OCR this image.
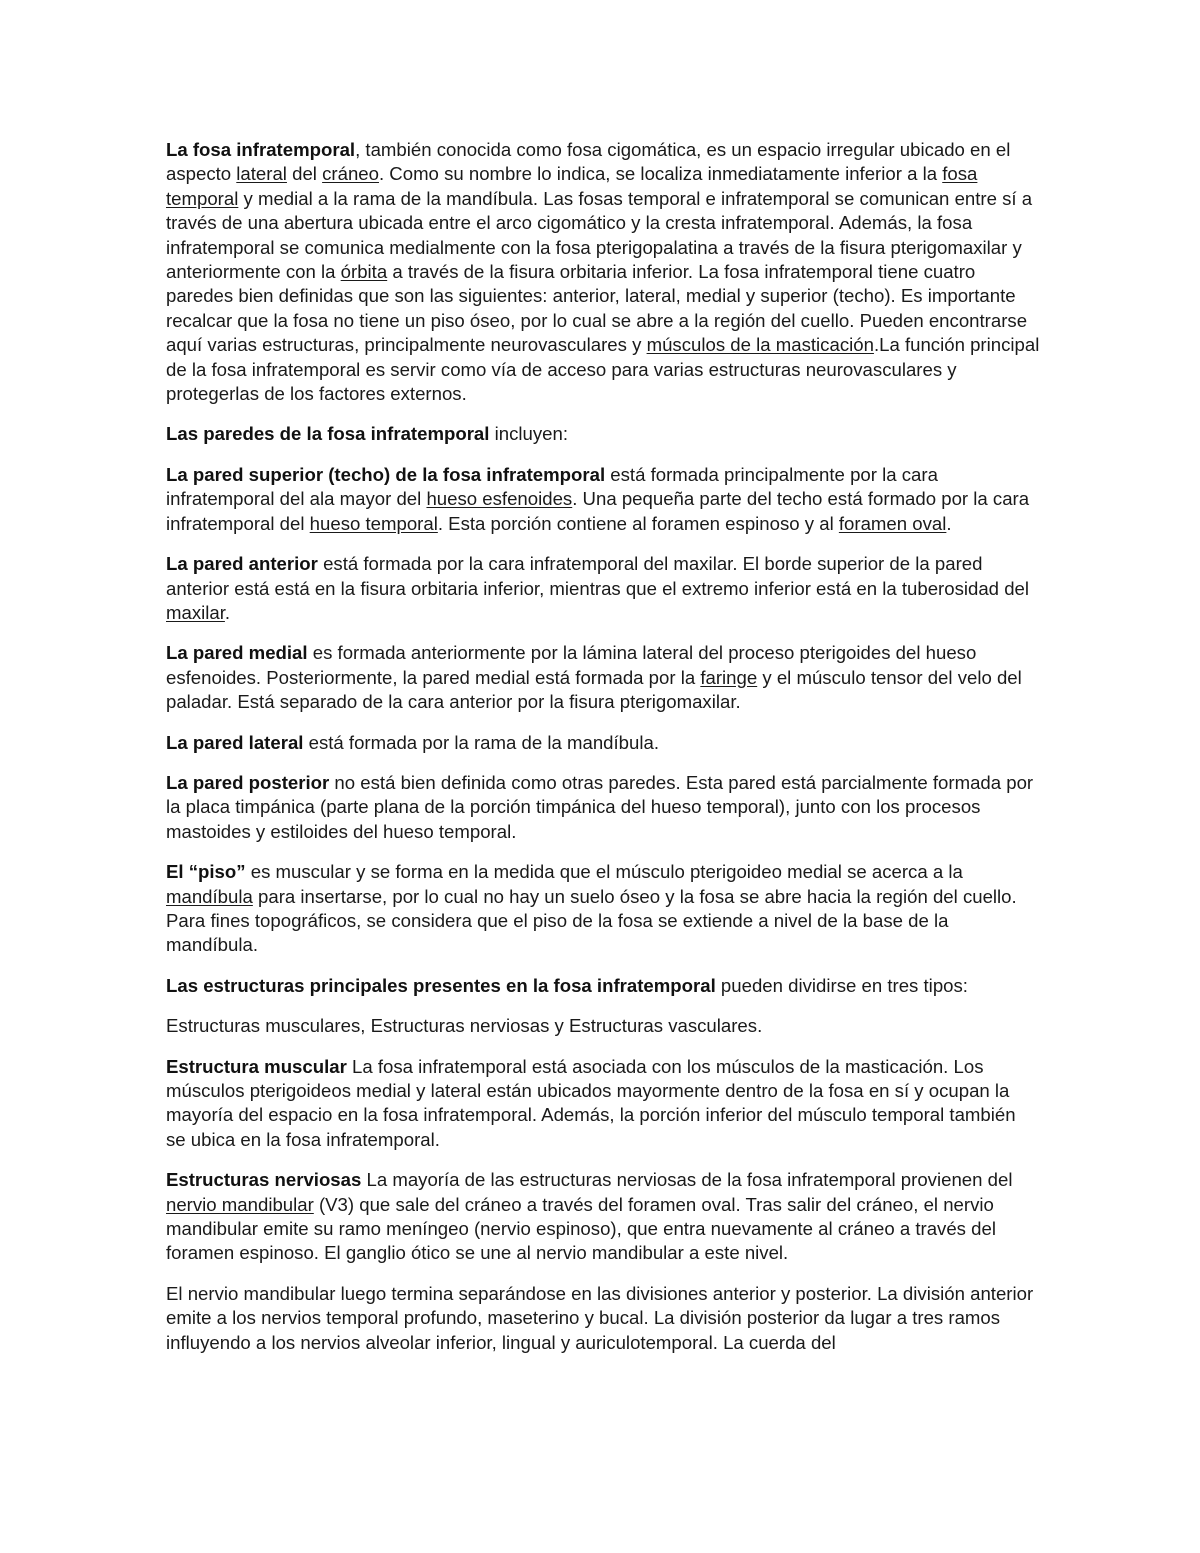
La fosa infratemporal, también conocida como fosa cigomática, es un espacio irregular ubicado en el aspecto lateral del cráneo. Como su nombre lo indica, se localiza inmediatamente inferior a la fosa temporal y medial a la rama de la mandíbula. Las fosas temporal e infratemporal se comunican entre sí a través de una abertura ubicada entre el arco cigomático y la cresta infratemporal. Además, la fosa infratemporal se comunica medialmente con la fosa pterigopalatina a través de la fisura pterigomaxilar y anteriormente con la órbita a través de la fisura orbitaria inferior. La fosa infratemporal tiene cuatro paredes bien definidas que son las siguientes: anterior, lateral, medial y superior (techo). Es importante recalcar que la fosa no tiene un piso óseo, por lo cual se abre a la región del cuello. Pueden encontrarse aquí varias estructuras, principalmente neurovasculares y músculos de la masticación.La función principal de la fosa infratemporal es servir como vía de acceso para varias estructuras neurovasculares y protegerlas de los factores externos.

Las paredes de la fosa infratemporal incluyen:

La pared superior (techo) de la fosa infratemporal está formada principalmente por la cara infratemporal del ala mayor del hueso esfenoides. Una pequeña parte del techo está formado por la cara infratemporal del hueso temporal. Esta porción contiene al foramen espinoso y al foramen oval.

La pared anterior está formada por la cara infratemporal del maxilar. El borde superior de la pared anterior está está en la fisura orbitaria inferior, mientras que el extremo inferior está en la tuberosidad del maxilar.

La pared medial es formada anteriormente por la lámina lateral del proceso pterigoides del hueso esfenoides. Posteriormente, la pared medial está formada por la faringe y el músculo tensor del velo del paladar. Está separado de la cara anterior por la fisura pterigomaxilar.

La pared lateral está formada por la rama de la mandíbula.

La pared posterior no está bien definida como otras paredes. Esta pared está parcialmente formada por la placa timpánica (parte plana de la porción timpánica del hueso temporal), junto con los procesos mastoides y estiloides del hueso temporal.

El “piso” es muscular y se forma en la medida que el músculo pterigoideo medial se acerca a la mandíbula para insertarse, por lo cual no hay un suelo óseo y la fosa se abre hacia la región del cuello. Para fines topográficos, se considera que el piso de la fosa se extiende a nivel de la base de la mandíbula.

Las estructuras principales presentes en la fosa infratemporal pueden dividirse en tres tipos:

Estructuras musculares, Estructuras nerviosas y Estructuras vasculares.

Estructura muscular La fosa infratemporal está asociada con los músculos de la masticación. Los músculos pterigoideos medial y lateral están ubicados mayormente dentro de la fosa en sí y ocupan la mayoría del espacio en la fosa infratemporal. Además, la porción inferior del músculo temporal también se ubica en la fosa infratemporal.

Estructuras nerviosas La mayoría de las estructuras nerviosas de la fosa infratemporal provienen del nervio mandibular (V3) que sale del cráneo a través del foramen oval. Tras salir del cráneo, el nervio mandibular emite su ramo meníngeo (nervio espinoso), que entra nuevamente al cráneo a través del foramen espinoso. El ganglio ótico se une al nervio mandibular a este nivel.

El nervio mandibular luego termina separándose en las divisiones anterior y posterior. La división anterior emite a los nervios temporal profundo, maseterino y bucal. La división posterior da lugar a tres ramos influyendo a los nervios alveolar inferior, lingual y auriculotemporal. La cuerda del
